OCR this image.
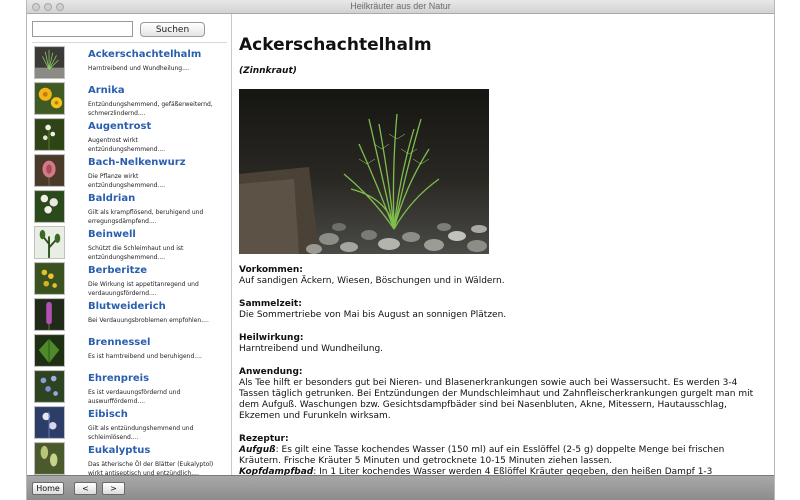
Heilkräuter aus der Natur
Suchen
Ackerschachtelhalm
Harntreibend und Wundheilung....
Arnika
Entzündungshemmend, gefäßerweiternd, schmerzlindernd....
Augentrost
Augentrost wirkt entzündungshemmend....
Bach-Nelkenwurz
Die Pflanze wirkt entzündungshemmend....
Baldrian
Gilt als krampflösend, beruhigend und erregungsdämpfend....
Beinwell
Schützt die Schleimhaut und ist entzündungshemmend....
Berberitze
Die Wirkung ist appetitanregend und verdauungsfördernd....
Blutweiderich
Bei Verdauungsbroblemen empfohlen....
Brennessel
Es ist harntreibend und beruhigend....
Ehrenpreis
Es ist verdauungsfördernd und auswurffördernd....
Eibisch
Gilt als entzündungshemmend und schleimlösend....
Eukalyptus
Das ätherische Öl der Blätter (Eukalyptol) wirkt antiseptisch und entzündlich....
Ackerschachtelhalm
(Zinnkraut)
Vorkommen:
Auf sandigen Äckern, Wiesen, Böschungen und in Wäldern.
Sammelzeit:
Die Sommertriebe von Mai bis August an sonnigen Plätzen.
Heilwirkung:
Harntreibend und Wundheilung.
Anwendung:
Als Tee hilft er besonders gut bei Nieren- und Blasenerkrankungen sowie auch bei Wassersucht. Es werden 3-4 Tassen täglich getrunken. Bei Entzündungen der Mundschleimhaut und Zahnfleischerkrankungen gurgelt man mit dem Aufguß. Waschungen bzw. Gesichtsdampfbäder sind bei Nasenbluten, Akne, Mitessern, Hautausschlag, Ekzemen und Furunkeln wirksam.
Rezeptur:
Aufguß: Es gilt eine Tasse kochendes Wasser (150 ml) auf ein Esslöffel (2-5 g) doppelte Menge bei frischen Kräutern. Frische Kräuter 5 Minuten und getrocknete 10-15 Minuten ziehen lassen.
Kopfdampfbad: In 1 Liter kochendes Wasser werden 4 Eßlöffel Kräuter gegeben, den heißen Dampf 1-3
Home	<	>
